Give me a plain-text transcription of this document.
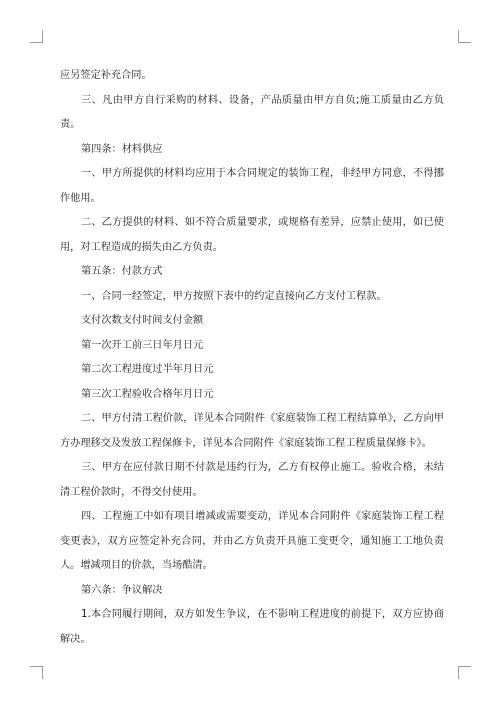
应另签定补充合同。

三、凡由甲方自行采购的材料、设备，产品质量由甲方自负;施工质量由乙方负责。

第四条：材料供应

一、甲方所提供的材料均应用于本合同规定的装饰工程，非经甲方同意，不得挪作他用。

二、乙方提供的材料、如不符合质量要求，或规格有差异，应禁止使用，如已使用，对工程造成的损失由乙方负责。

第五条：付款方式

一、合同一经签定，甲方按照下表中的约定直接向乙方支付工程款。

支付次数支付时间支付金额

第一次开工前三日年月日元

第二次工程进度过半年月日元

第三次工程验收合格年月日元

二、甲方付清工程价款，详见本合同附件《家庭装饰工程工程结算单》，乙方向甲方办理移交及发放工程保修卡，详见本合同附件《家庭装饰工程工程质量保修卡》。

三、甲方在应付款日期不付款是违约行为，乙方有权停止施工。验收合格，未结清工程价款时，不得交付使用。

四、工程施工中如有项目增减或需要变动，详见本合同附件《家庭装饰工程工程变更表》，双方应签定补充合同，并由乙方负责开具施工变更令，通知施工工地负责人。增减项目的价款，当场酷清。

第六条：争议解决

1.本合同履行期间，双方如发生争议，在不影响工程进度的前提下，双方应协商解决。
